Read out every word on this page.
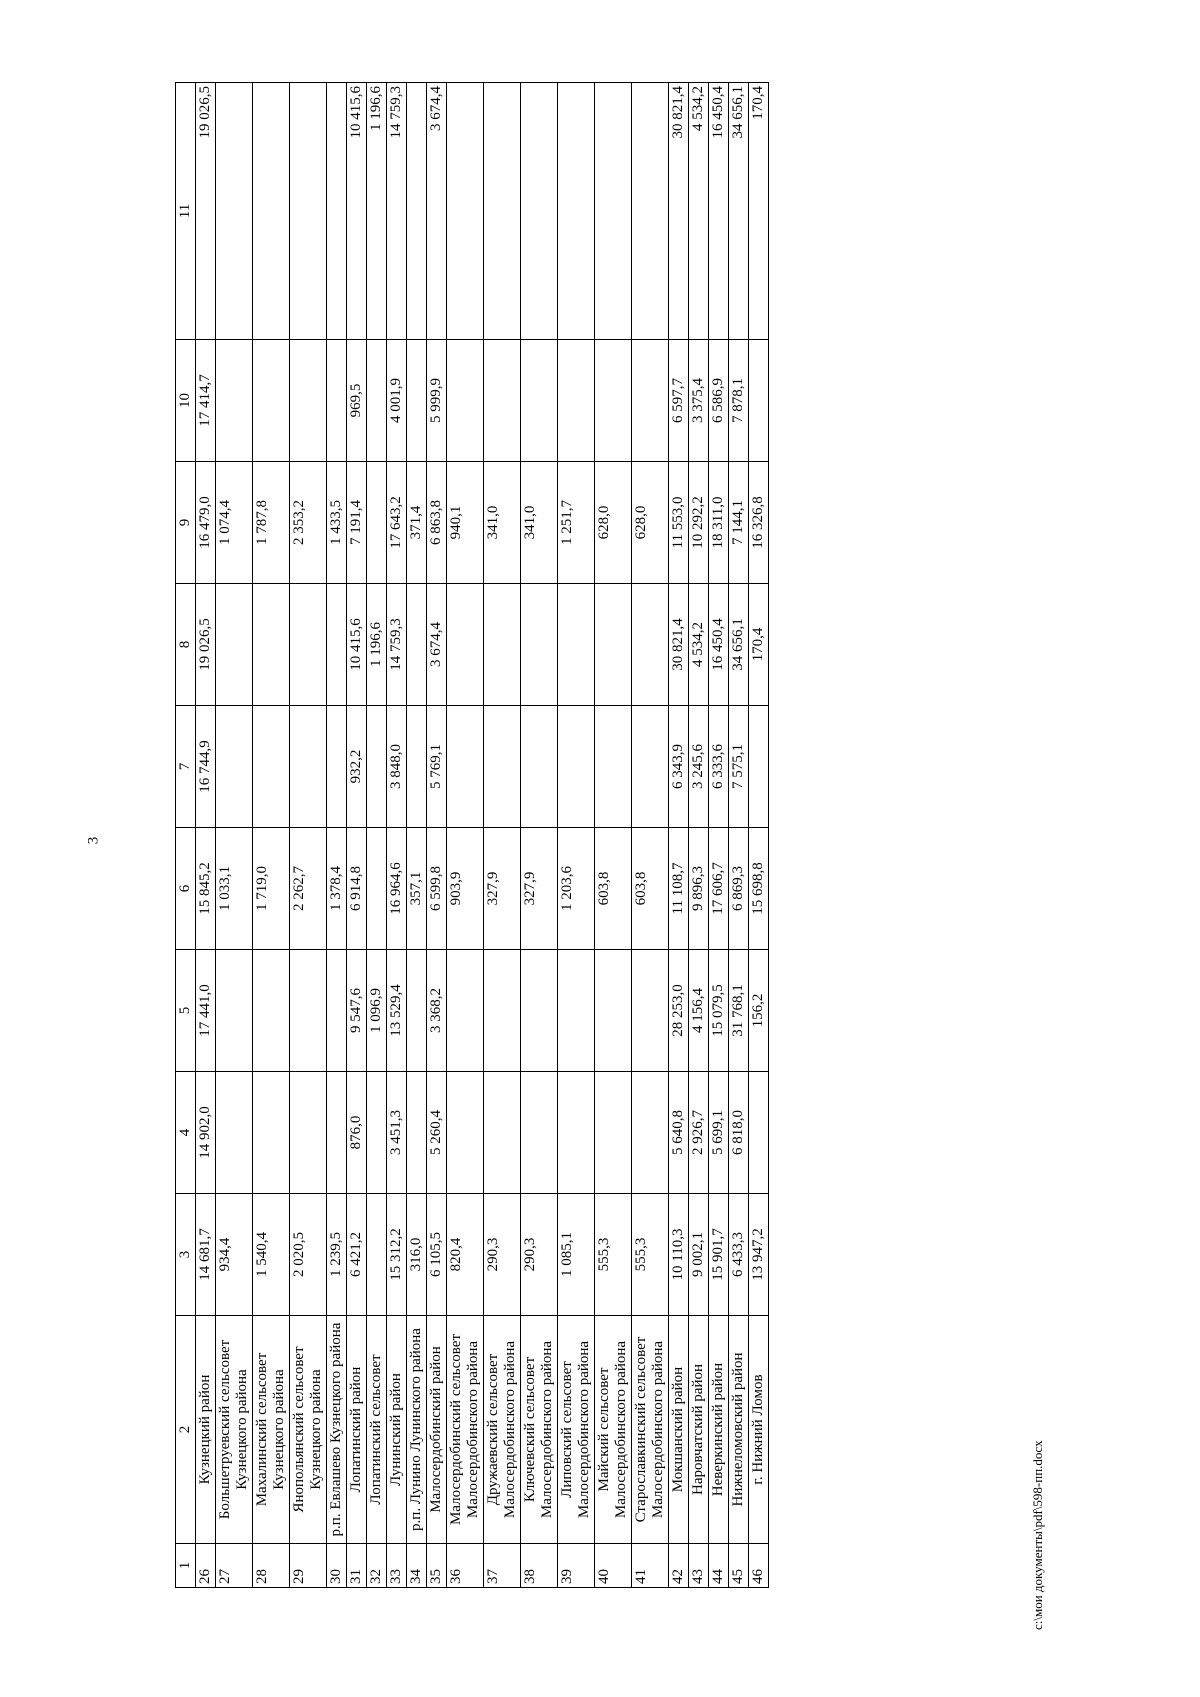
3
1	2	3	4	5	6	7	8	9	10	11
26	Кузнецкий район	14 681,7	14 902,0	17 441,0	15 845,2	16 744,9	19 026,5	16 479,0	17 414,7	19 026,5
27	Большетруевский сельсовет Кузнецкого района	934,4			1 033,1			1 074,4		
28	Махалинский сельсовет Кузнецкого района	1 540,4			1 719,0			1 787,8		
29	Янопольянский сельсовет Кузнецкого района	2 020,5			2 262,7			2 353,2		
30	р.п. Евлашево Кузнецкого района	1 239,5			1 378,4			1 433,5		
31	Лопатинский район	6 421,2	876,0	9 547,6	6 914,8	932,2	10 415,6	7 191,4	969,5	10 415,6
32	Лопатинский сельсовет			1 096,9			1 196,6			1 196,6
33	Лунинский район	15 312,2	3 451,3	13 529,4	16 964,6	3 848,0	14 759,3	17 643,2	4 001,9	14 759,3
34	р.п. Лунино Лунинского района	316,0			357,1			371,4		
35	Малосердобинский район	6 105,5	5 260,4	3 368,2	6 599,8	5 769,1	3 674,4	6 863,8	5 999,9	3 674,4
36	Малосердобинский сельсовет Малосердобинского района	820,4			903,9			940,1		
37	Дружаевский сельсовет Малосердобинского района	290,3			327,9			341,0		
38	Ключевский сельсовет Малосердобинского района	290,3			327,9			341,0		
39	Липовский сельсовет Малосердобинского района	1 085,1			1 203,6			1 251,7		
40	Майский сельсовет Малосердобинского района	555,3			603,8			628,0		
41	Старославкинский сельсовет Малосердобинского района	555,3			603,8			628,0		
42	Мокшанский район	10 110,3	5 640,8	28 253,0	11 108,7	6 343,9	30 821,4	11 553,0	6 597,7	30 821,4
43	Наровчатский район	9 002,1	2 926,7	4 156,4	9 896,3	3 245,6	4 534,2	10 292,2	3 375,4	4 534,2
44	Неверкинский район	15 901,7	5 699,1	15 079,5	17 606,7	6 333,6	16 450,4	18 311,0	6 586,9	16 450,4
45	Нижнеломовский район	6 433,3	6 818,0	31 768,1	6 869,3	7 575,1	34 656,1	7 144,1	7 878,1	34 656,1
46	г. Нижний Ломов	13 947,2		156,2	15 698,8		170,4	16 326,8		170,4
c:\мои документы\pdf\598-пп.docx
